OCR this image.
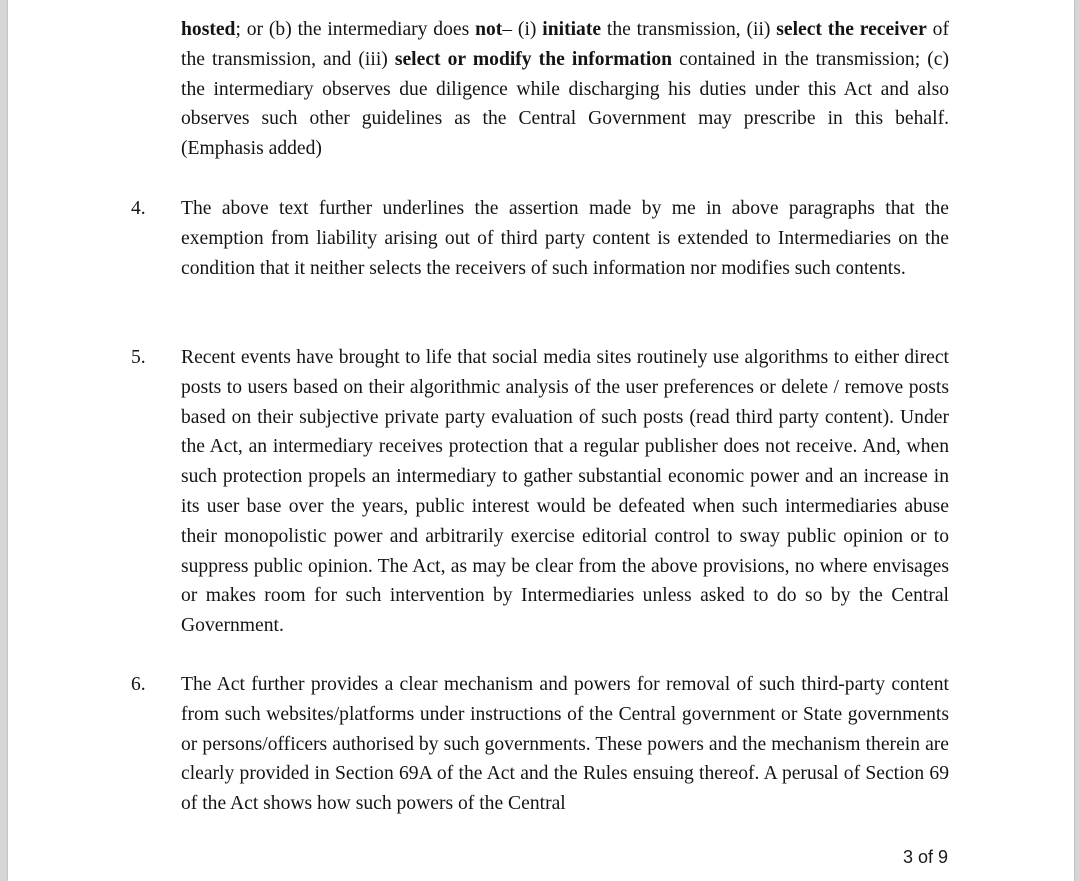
hosted; or (b) the intermediary does not– (i) initiate the transmission, (ii) select the receiver of the transmission, and (iii) select or modify the information contained in the transmission; (c) the intermediary observes due diligence while discharging his duties under this Act and also observes such other guidelines as the Central Government may prescribe in this behalf. (Emphasis added)

The above text further underlines the assertion made by me in above paragraphs that the exemption from liability arising out of third party content is extended to Intermediaries on the condition that it neither selects the receivers of such information nor modifies such contents.

Recent events have brought to life that social media sites routinely use algorithms to either direct posts to users based on their algorithmic analysis of the user preferences or delete / remove posts based on their subjective private party evaluation of such posts (read third party content). Under the Act, an intermediary receives protection that a regular publisher does not receive. And, when such protection propels an intermediary to gather substantial economic power and an increase in its user base over the years, public interest would be defeated when such intermediaries abuse their monopolistic power and arbitrarily exercise editorial control to sway public opinion or to suppress public opinion. The Act, as may be clear from the above provisions, no where envisages or makes room for such intervention by Intermediaries unless asked to do so by the Central Government.

The Act further provides a clear mechanism and powers for removal of such third-party content from such websites/platforms under instructions of the Central government or State governments or persons/officers authorised by such governments. These powers and the mechanism therein are clearly provided in Section 69A of the Act and the Rules ensuing thereof. A perusal of Section 69 of the Act shows how such powers of the Central

4.
5.
6.
3 of 9
